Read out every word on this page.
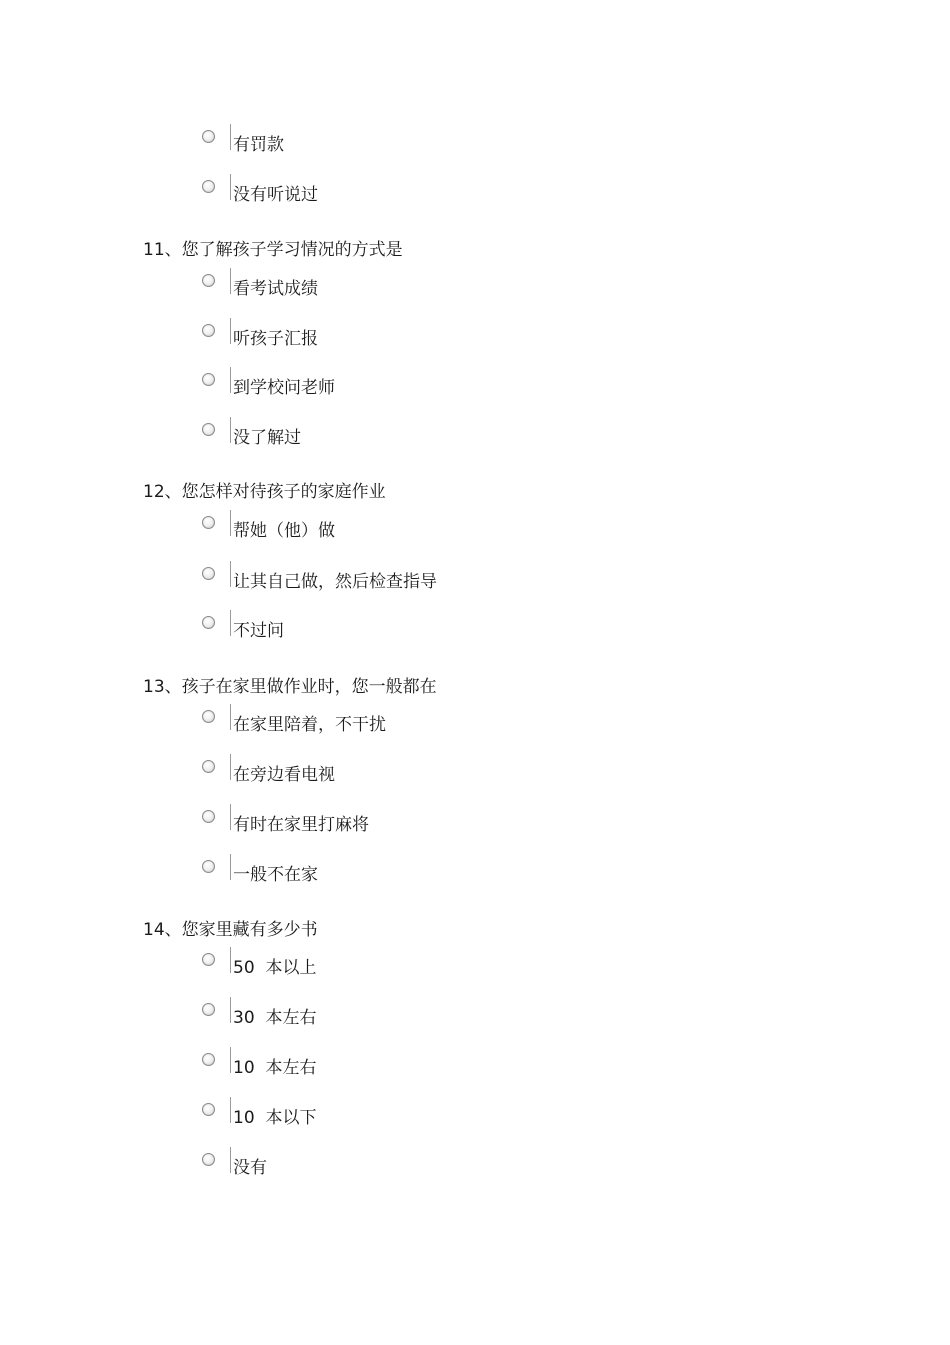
有罚款
没有听说过
11、您了解孩子学习情况的方式是
看考试成绩
听孩子汇报
到学校问老师
没了解过
12、您怎样对待孩子的家庭作业
帮她（他）做
让其自己做，然后检查指导
不过问
13、孩子在家里做作业时，您一般都在
在家里陪着，不干扰
在旁边看电视
有时在家里打麻将
一般不在家
14、您家里藏有多少书
50  本以上
30  本左右
10  本左右
10  本以下
没有
